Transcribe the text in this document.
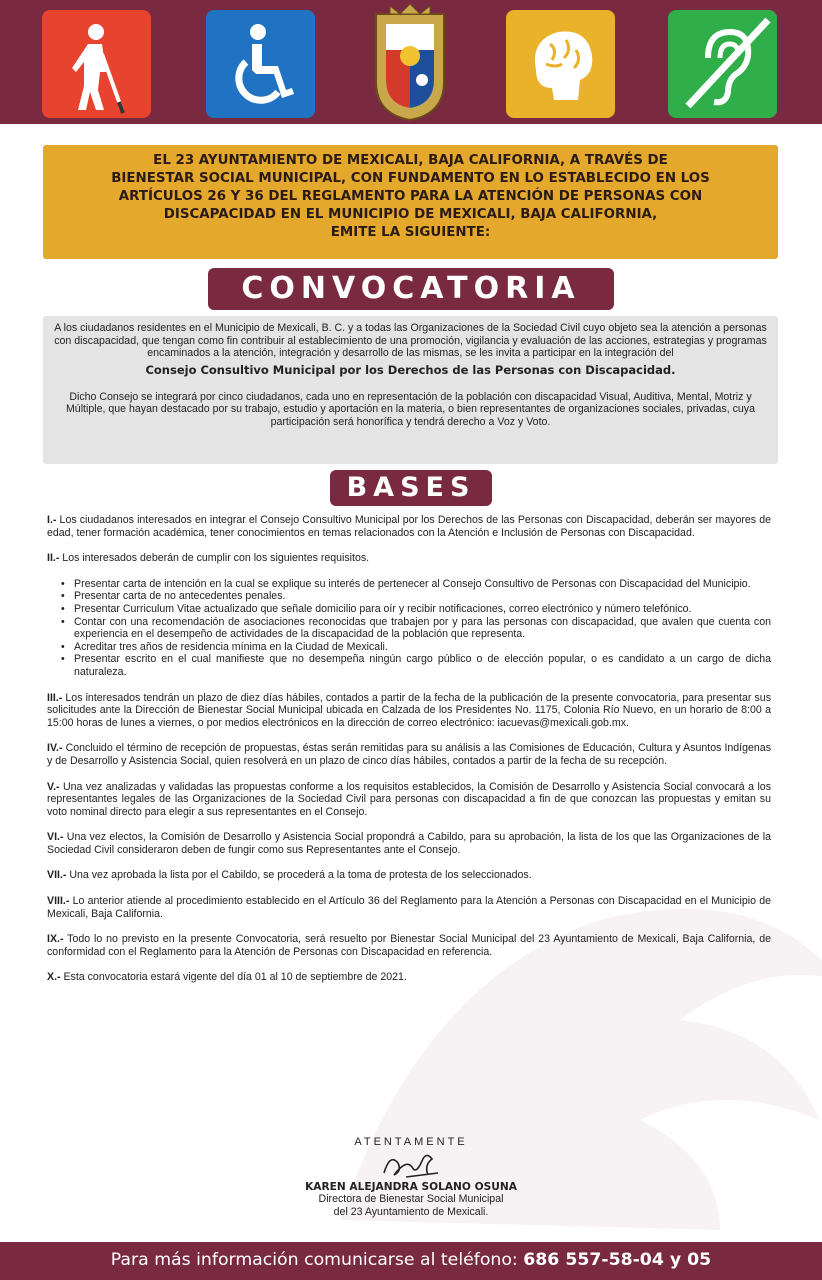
EL 23 AYUNTAMIENTO DE MEXICALI, BAJA CALIFORNIA, A TRAVÉS DE
BIENESTAR SOCIAL MUNICIPAL, CON FUNDAMENTO EN LO ESTABLECIDO EN LOS
ARTÍCULOS 26 Y 36 DEL REGLAMENTO PARA LA ATENCIÓN DE PERSONAS CON
DISCAPACIDAD EN EL MUNICIPIO DE MEXICALI, BAJA CALIFORNIA,
EMITE LA SIGUIENTE:
CONVOCATORIA
A los ciudadanos residentes en el Municipio de Mexicali, B. C. y a todas las Organizaciones de la Sociedad Civil cuyo objeto sea la atención a personas con discapacidad, que tengan como fin contribuir al establecimiento de una promoción, vigilancia y evaluación de las acciones, estrategias y programas encaminados a la atención, integración y desarrollo de las mismas, se les invita a participar en la integración del
Consejo Consultivo Municipal por los Derechos de las Personas con Discapacidad.
Dicho Consejo se integrará por cinco ciudadanos, cada uno en representación de la población con discapacidad Visual, Auditiva, Mental, Motriz y Múltiple, que hayan destacado por su trabajo, estudio y aportación en la materia, o bien representantes de organizaciones sociales, privadas, cuya participación será honorífica y tendrá derecho a Voz y Voto.
BASES

I.- Los ciudadanos interesados en integrar el Consejo Consultivo Municipal por los Derechos de las Personas con Discapacidad, deberán ser mayores de edad, tener formación académica, tener conocimientos en temas relacionados con la Atención e Inclusión de Personas con Discapacidad.

II.- Los interesados deberán de cumplir con los siguientes requisitos.

• Presentar carta de intención en la cual se explique su interés de pertenecer al Consejo Consultivo de Personas con Discapacidad del Municipio.
• Presentar carta de no antecedentes penales.
• Presentar Curriculum Vitae actualizado que señale domicilio para oír y recibir notificaciones, correo electrónico y número telefónico.
• Contar con una recomendación de asociaciones reconocidas que trabajen por y para las personas con discapacidad, que avalen que cuenta con experiencia en el desempeño de actividades de la discapacidad de la población que representa.
• Acreditar tres años de residencia mínima en la Ciudad de Mexicali.
• Presentar escrito en el cual manifieste que no desempeña ningún cargo público o de elección popular, o es candidato a un cargo de dicha naturaleza.

III.- Los interesados tendrán un plazo de diez días hábiles, contados a partir de la fecha de la publicación de la presente convocatoria, para presentar sus solicitudes ante la Dirección de Bienestar Social Municipal ubicada en Calzada de los Presidentes No. 1175, Colonia Río Nuevo, en un horario de 8:00 a 15:00 horas de lunes a viernes, o por medios electrónicos en la dirección de correo electrónico: iacuevas@mexicali.gob.mx.

IV.- Concluido el término de recepción de propuestas, éstas serán remitidas para su análisis a las Comisiones de Educación, Cultura y Asuntos Indígenas y de Desarrollo y Asistencia Social, quien resolverá en un plazo de cinco días hábiles, contados a partir de la fecha de su recepción.

V.- Una vez analizadas y validadas las propuestas conforme a los requisitos establecidos, la Comisión de Desarrollo y Asistencia Social convocará a los representantes legales de las Organizaciones de la Sociedad Civil para personas con discapacidad a fin de que conozcan las propuestas y emitan su voto nominal directo para elegir a sus representantes en el Consejo.

VI.- Una vez electos, la Comisión de Desarrollo y Asistencia Social propondrá a Cabildo, para su aprobación, la lista de los que las Organizaciones de la Sociedad Civil consideraron deben de fungir como sus Representantes ante el Consejo.

VII.- Una vez aprobada la lista por el Cabildo, se procederá a la toma de protesta de los seleccionados.

VIII.- Lo anterior atiende al procedimiento establecido en el Artículo 36 del Reglamento para la Atención a Personas con Discapacidad en el Municipio de Mexicali, Baja California.

IX.- Todo lo no previsto en la presente Convocatoria, será resuelto por Bienestar Social Municipal del 23 Ayuntamiento de Mexicali, Baja California, de conformidad con el Reglamento para la Atención de Personas con Discapacidad en referencia.

X.- Esta convocatoria estará vigente del día 01 al 10 de septiembre de 2021.

ATENTAMENTE
KAREN ALEJANDRA SOLANO OSUNA
Directora de Bienestar Social Municipal
del 23 Ayuntamiento de Mexicali.
Para más información comunicarse al teléfono: 686 557-58-04 y 05
